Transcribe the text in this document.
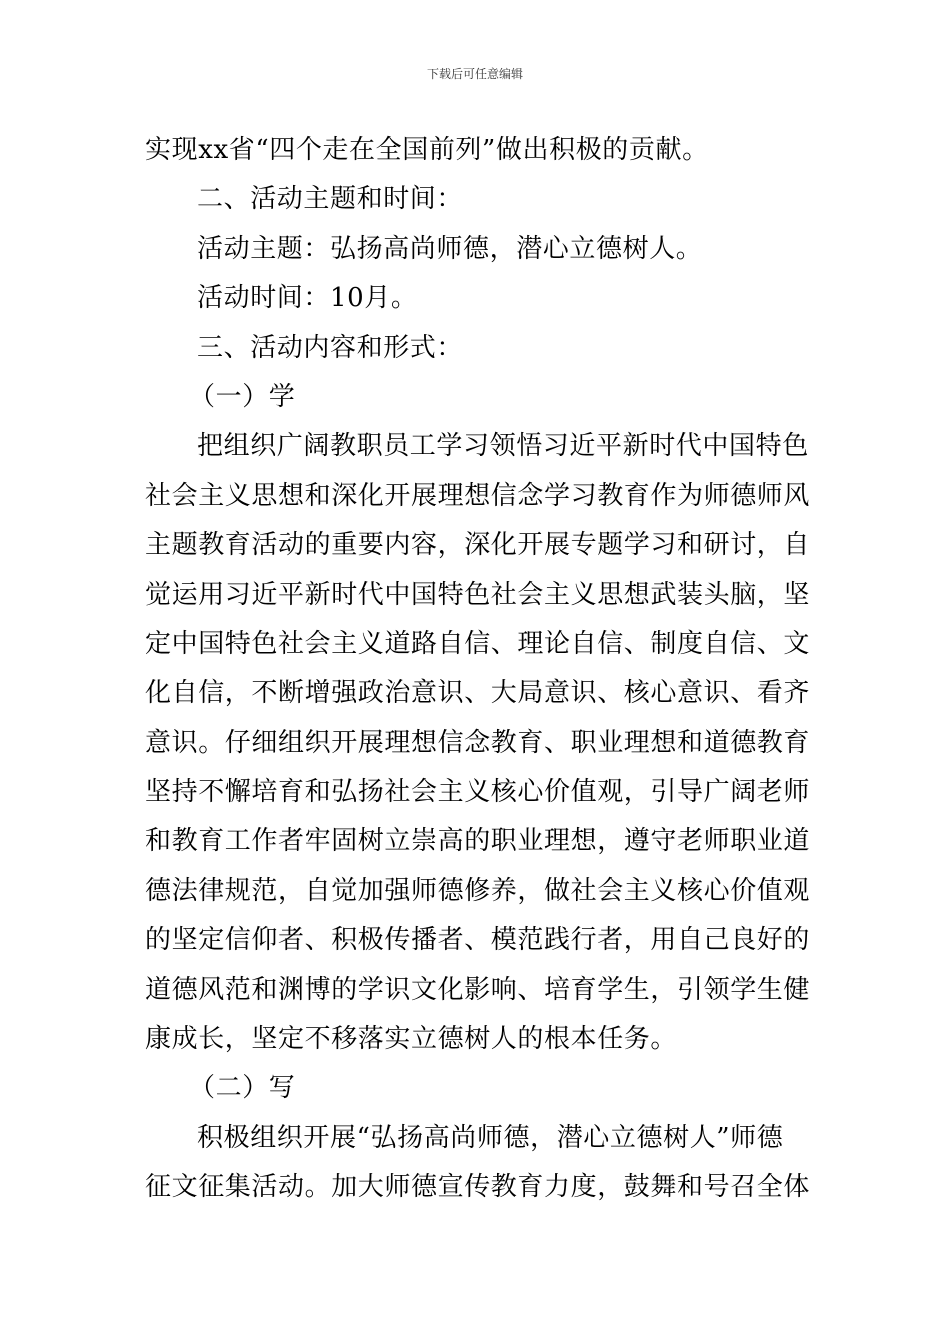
下载后可任意编辑
实现xx省“四个走在全国前列”做出积极的贡献。
二、活动主题和时间：
活动主题：弘扬高尚师德，潜心立德树人。
活动时间：10月。
三、活动内容和形式：
（一）学
把组织广阔教职员工学习领悟习近平新时代中国特色
社会主义思想和深化开展理想信念学习教育作为师德师风
主题教育活动的重要内容，深化开展专题学习和研讨，自
觉运用习近平新时代中国特色社会主义思想武装头脑，坚
定中国特色社会主义道路自信、理论自信、制度自信、文
化自信，不断增强政治意识、大局意识、核心意识、看齐
意识。仔细组织开展理想信念教育、职业理想和道德教育
坚持不懈培育和弘扬社会主义核心价值观，引导广阔老师
和教育工作者牢固树立崇高的职业理想，遵守老师职业道
德法律规范，自觉加强师德修养，做社会主义核心价值观
的坚定信仰者、积极传播者、模范践行者，用自己良好的
道德风范和渊博的学识文化影响、培育学生，引领学生健
康成长，坚定不移落实立德树人的根本任务。
（二）写
积极组织开展“弘扬高尚师德，潜心立德树人”师德
征文征集活动。加大师德宣传教育力度，鼓舞和号召全体
